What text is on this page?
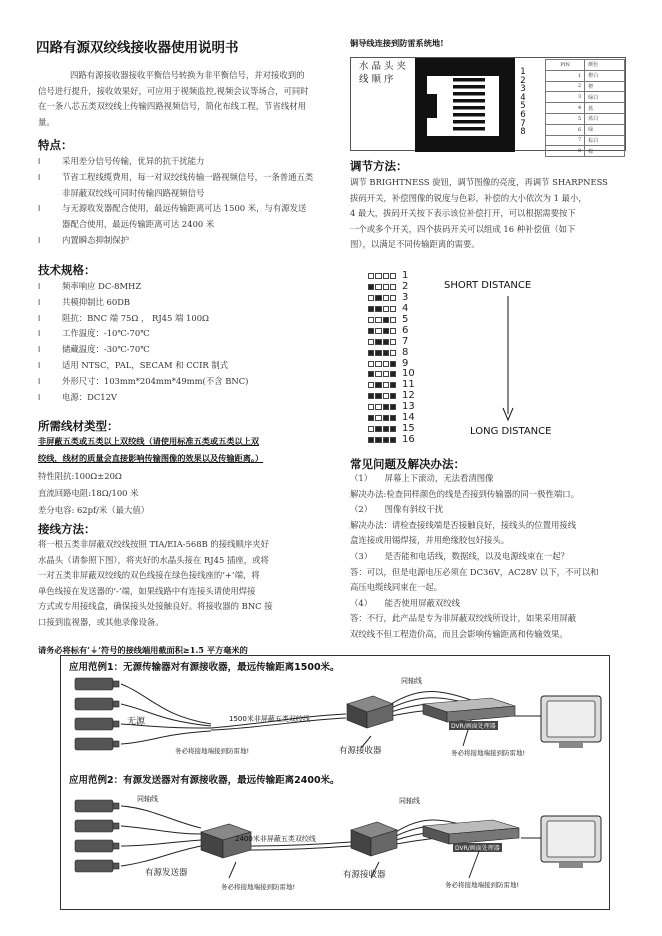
四路有源双绞线接收器使用说明书
四路有源接收器接收平衡信号转换为非平衡信号，并对接收到的信号进行提升，接收效果好，可应用于视频监控,视频会议等场合，可同时在一条八芯五类双绞线上传输四路视频信号，简化布线工程，节省线材用量。
特点：
l 采用差分信号传输，优异的抗干扰能力
l 节省工程线缆费用，每一对双绞线传输一路视频信号，一条普通五类非屏蔽双绞线可同时传输四路视频信号
l 与无源收发器配合使用，最远传输距离可达 1500 米，与有源发送器配合使用，最远传输距离可达 2400 米
l 内置瞬态抑制保护
技术规格：
l 频率响应 DC-8MHZ
l 共模抑制比 60DB
l 阻抗：BNC 端 75Ω ， RJ45 端 100Ω
l 工作温度：-10℃-70℃
l 储藏温度：-30℃-70℃
l 适用 NTSC，PAL，SECAM 和 CCIR 制式
l 外形尺寸：103mm*204mm*49mm(不含 BNC)
l 电源：DC12V
所需线材类型：
非屏蔽五类或五类以上双绞线（请使用标准五类或五类以上双
绞线，线材的质量会直接影响传输图像的效果以及传输距离。）
特性阻抗:100Ω±20Ω
直流回路电阻:18Ω/100 米
差分电容: 62pf/米（最大值）
接线方法：
将一根五类非屏蔽双绞线按照 TIA/EIA-568B 的接线顺序夹好
水晶头（请参照下图），将夹好的水晶头接在 RJ45 插座，或将
一对五类非屏蔽双绞线的双色线接在绿色接线座的‘+’端，将
单色线接在发送器的‘-’端，如果线路中有连接头请使用焊接
方式或专用接线盒，确保接头处接触良好。将接收器的 BNC 接
口接到监视器，或其他录像设备。
请务必将标有‘⏚’符号的接线端用截面积≥1.5 平方毫米的
铜导线连接到防雷系统地!
水晶头夹线顺序
1
2
3
4
5
6
7
8
PIN	颜色
1	橙白
2	橙
3	绿白
4	蓝
5	蓝白
6	绿
7	棕白
8	棕
调节方法：
调节 BRIGHTNESS 旋钮，调节图像的亮度，再调节 SHARPNESS
拔码开关，补偿图像的锐度与色彩，补偿的大小依次为 1 最小，
4 最大，拔码开关按下表示该位补偿打开，可以根据需要按下
一个或多个开关，四个拔码开关可以组成 16 种补偿值（如下
图），以满足不同传输距离的需要。
1
2
3
4
5
6
7
8
9
10
11
12
13
14
15
16
SHORT DISTANCE
LONG DISTANCE
常见问题及解决办法：
（1）　　屏幕上下滚动，无法看清图像
解决办法:检查同样颜色的线是否接到传输器的同一极性端口。
（2）　　图像有斜纹干扰
解决办法：请检查接线端是否接触良好，接线头的位置用接线
盒连接或用锡焊接，并用绝缘胶包好接头。
（3）　　是否能和电话线，数据线，以及电源线束在一起？
答：可以，但是电源电压必须在 DC36V，AC28V 以下，不可以和
高压电缆线同束在一起。
（4）　　能否使用屏蔽双绞线
答：不行，此产品是专为非屏蔽双绞线所设计，如果采用屏蔽
双绞线不但工程造价高，而且会影响传输距离和传输效果。
应用范例1：无源传输器对有源接收器，最远传输距离1500米。
无源	1500米非屏蔽五类双绞线
同轴线
有源接收器
DVR/画面处理器
务必将接地端接到防雷地!	务必将接地端接到防雷地!
应用范例2：有源发送器对有源接收器，最远传输距离2400米。
同轴线
有源发送器
2400米非屏蔽五类双绞线
同轴线
有源接收器
DVR/画面处理器
务必将接地端接到防雷地!	务必将接地端接到防雷地!
